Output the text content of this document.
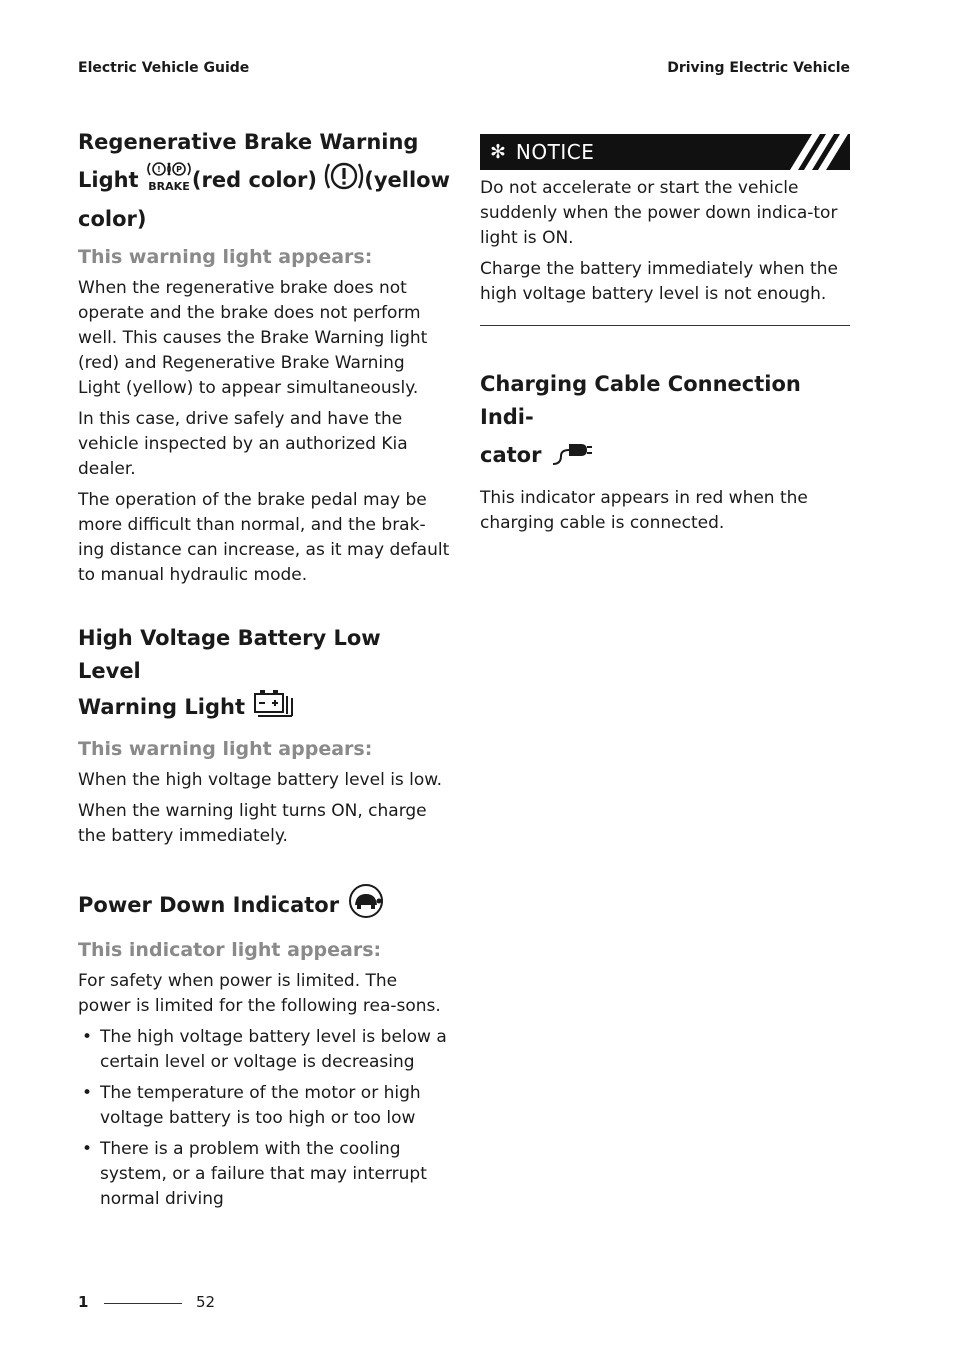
Electric Vehicle Guide	Driving Electric Vehicle
Regenerative Brake Warning
Light ! P
BRAKE (red color) (yellow
color)
This warning light appears:

When the regenerative brake does not operate and the brake does not perform well. This causes the Brake Warning light (red) and Regenerative Brake Warning Light (yellow) to appear simultaneously.

In this case, drive safely and have the vehicle inspected by an authorized Kia dealer.

The operation of the brake pedal may be more difficult than normal, and the brak-ing distance can increase, as it may default to manual hydraulic mode.

High Voltage Battery Low Level
Warning Light
This warning light appears:

When the high voltage battery level is low.

When the warning light turns ON, charge the battery immediately.

Power Down Indicator
This indicator light appears:

For safety when power is limited. The power is limited for the following rea-sons.

• The high voltage battery level is below a certain level or voltage is decreasing
• The temperature of the motor or high voltage battery is too high or too low
• There is a problem with the cooling system, or a failure that may interrupt normal driving
✻ NOTICE

Do not accelerate or start the vehicle suddenly when the power down indica-tor light is ON.

Charge the battery immediately when the high voltage battery level is not enough.

Charging Cable Connection Indi-
cator

This indicator appears in red when the charging cable is connected.

1	52
